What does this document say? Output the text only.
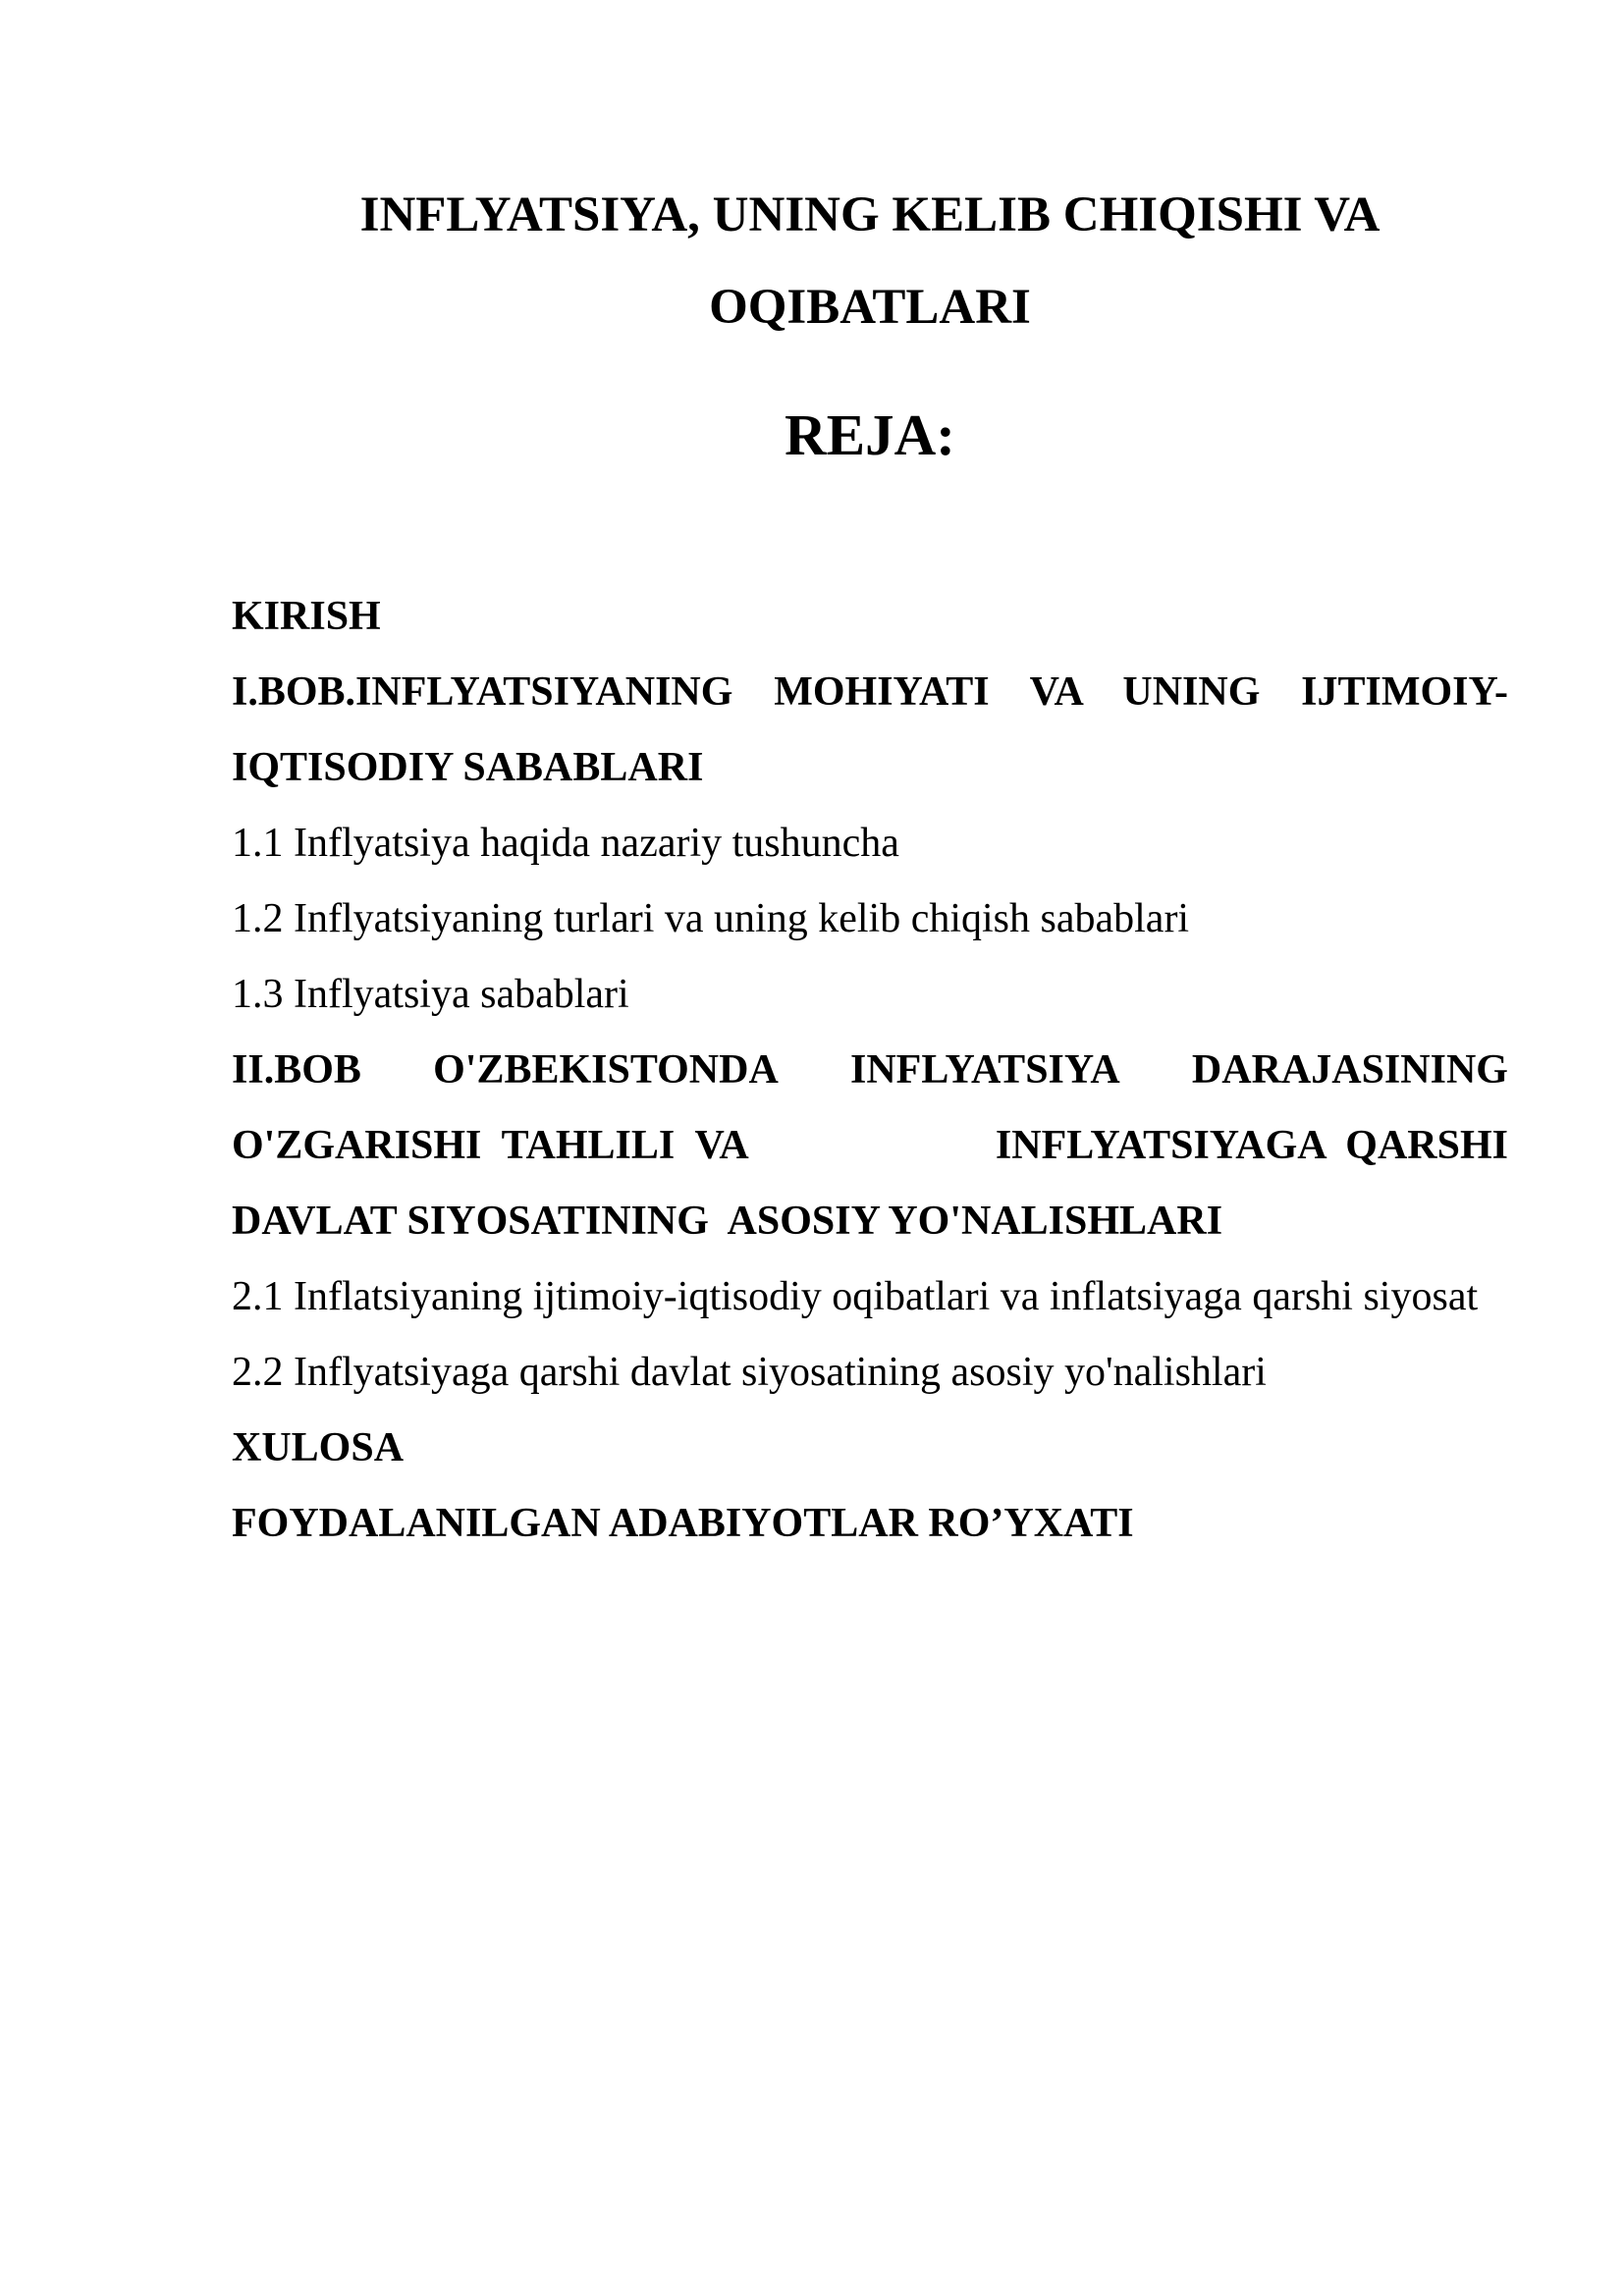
INFLYATSIYA, UNING KELIB CHIQISHI VA OQIBATLARI
REJA:

KIRISH

I.BOB.INFLYATSIYANING MOHIYATI VA UNING IJTIMOIY-IQTISODIY SABABLARI

1.1 Inflyatsiya haqida nazariy tushuncha

1.2 Inflyatsiyaning turlari va uning kelib chiqish sabablari

1.3 Inflyatsiya sabablari

II.BOB O'ZBEKISTONDA INFLYATSIYA DARAJASINING
O'ZGARISHI  TAHLILI  VA	INFLYATSIYAGA  QARSHI

DAVLAT SIYOSATINING  ASOSIY YO'NALISHLARI

2.1 Inflatsiyaning ijtimoiy-iqtisodiy oqibatlari va inflatsiyaga qarshi siyosat

2.2 Inflyatsiyaga qarshi davlat siyosatining asosiy yo'nalishlari

XULOSA

FOYDALANILGAN ADABIYOTLAR RO’YXATI
